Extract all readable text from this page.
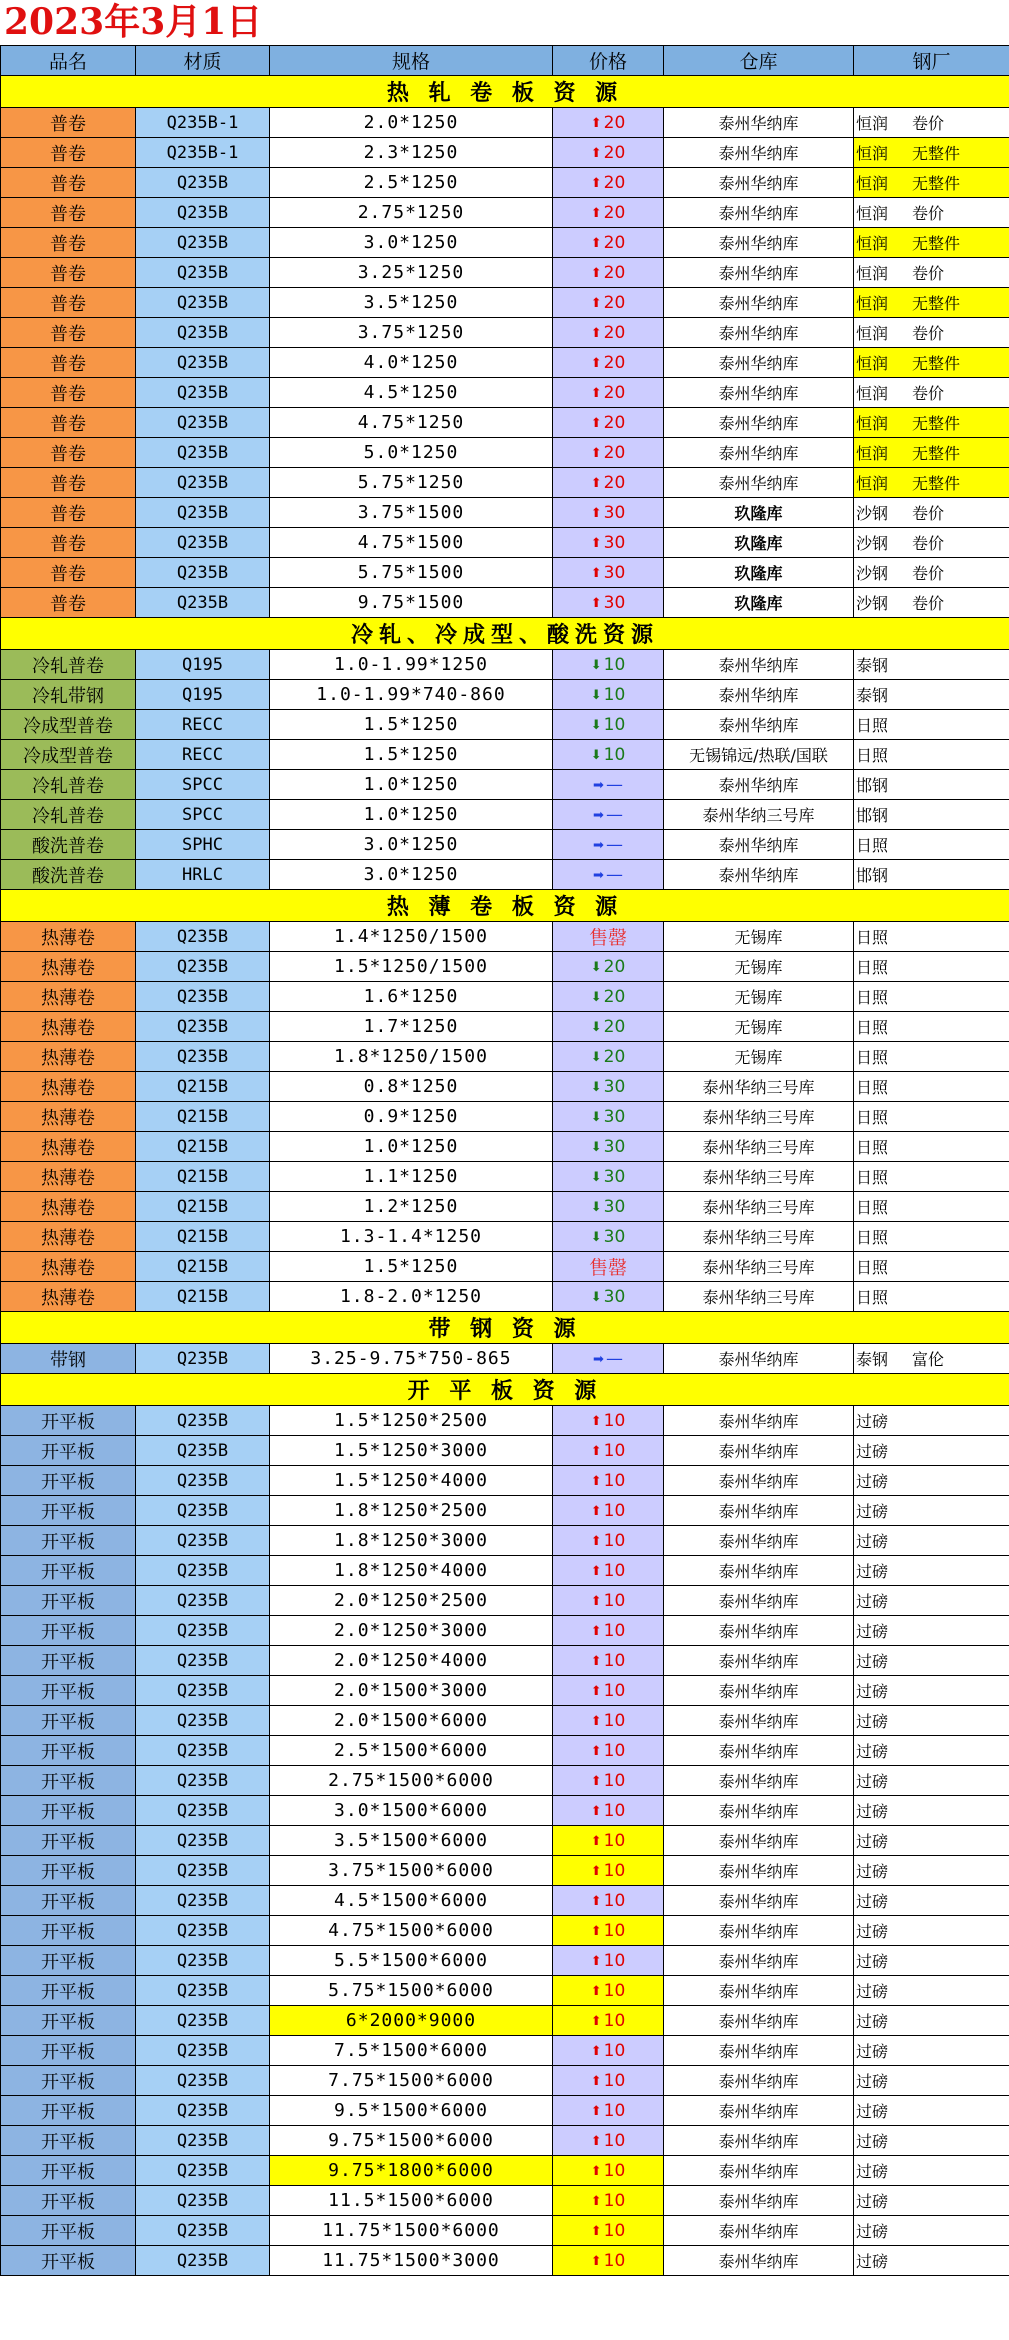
2023年3月1日
品名	材质	规格	价格	仓库	钢厂
热 轧 卷 板 资 源					
普卷	Q235B-1	2.0*1250	⬆ 20	泰州华纳库	恒润 卷价
普卷	Q235B-1	2.3*1250	⬆ 20	泰州华纳库	恒润 无整件
普卷	Q235B	2.5*1250	⬆ 20	泰州华纳库	恒润 无整件
普卷	Q235B	2.75*1250	⬆ 20	泰州华纳库	恒润 卷价
普卷	Q235B	3.0*1250	⬆ 20	泰州华纳库	恒润 无整件
普卷	Q235B	3.25*1250	⬆ 20	泰州华纳库	恒润 卷价
普卷	Q235B	3.5*1250	⬆ 20	泰州华纳库	恒润 无整件
普卷	Q235B	3.75*1250	⬆ 20	泰州华纳库	恒润 卷价
普卷	Q235B	4.0*1250	⬆ 20	泰州华纳库	恒润 无整件
普卷	Q235B	4.5*1250	⬆ 20	泰州华纳库	恒润 卷价
普卷	Q235B	4.75*1250	⬆ 20	泰州华纳库	恒润 无整件
普卷	Q235B	5.0*1250	⬆ 20	泰州华纳库	恒润 无整件
普卷	Q235B	5.75*1250	⬆ 20	泰州华纳库	恒润 无整件
普卷	Q235B	3.75*1500	⬆ 30	玖隆库	沙钢 卷价
普卷	Q235B	4.75*1500	⬆ 30	玖隆库	沙钢 卷价
普卷	Q235B	5.75*1500	⬆ 30	玖隆库	沙钢 卷价
普卷	Q235B	9.75*1500	⬆ 30	玖隆库	沙钢 卷价
冷轧、冷成型、酸洗资源					
冷轧普卷	Q195	1.0-1.99*1250	⬇ 10	泰州华纳库	泰钢
冷轧带钢	Q195	1.0-1.99*740-860	⬇ 10	泰州华纳库	泰钢
冷成型普卷	RECC	1.5*1250	⬇ 10	泰州华纳库	日照
冷成型普卷	RECC	1.5*1250	⬇ 10	无锡锦远/热联/国联	日照
冷轧普卷	SPCC	1.0*1250	➡ —	泰州华纳库	邯钢
冷轧普卷	SPCC	1.0*1250	➡ —	泰州华纳三号库	邯钢
酸洗普卷	SPHC	3.0*1250	➡ —	泰州华纳库	日照
酸洗普卷	HRLC	3.0*1250	➡ —	泰州华纳库	邯钢
热 薄 卷 板 资 源					
热薄卷	Q235B	1.4*1250/1500	售罄	无锡库	日照
热薄卷	Q235B	1.5*1250/1500	⬇ 20	无锡库	日照
热薄卷	Q235B	1.6*1250	⬇ 20	无锡库	日照
热薄卷	Q235B	1.7*1250	⬇ 20	无锡库	日照
热薄卷	Q235B	1.8*1250/1500	⬇ 20	无锡库	日照
热薄卷	Q215B	0.8*1250	⬇ 30	泰州华纳三号库	日照
热薄卷	Q215B	0.9*1250	⬇ 30	泰州华纳三号库	日照
热薄卷	Q215B	1.0*1250	⬇ 30	泰州华纳三号库	日照
热薄卷	Q215B	1.1*1250	⬇ 30	泰州华纳三号库	日照
热薄卷	Q215B	1.2*1250	⬇ 30	泰州华纳三号库	日照
热薄卷	Q215B	1.3-1.4*1250	⬇ 30	泰州华纳三号库	日照
热薄卷	Q215B	1.5*1250	售罄	泰州华纳三号库	日照
热薄卷	Q215B	1.8-2.0*1250	⬇ 30	泰州华纳三号库	日照
带 钢 资 源					
带钢	Q235B	3.25-9.75*750-865	➡ —	泰州华纳库	泰钢 富伦
开 平 板 资 源					
开平板	Q235B	1.5*1250*2500	⬆ 10	泰州华纳库	过磅
开平板	Q235B	1.5*1250*3000	⬆ 10	泰州华纳库	过磅
开平板	Q235B	1.5*1250*4000	⬆ 10	泰州华纳库	过磅
开平板	Q235B	1.8*1250*2500	⬆ 10	泰州华纳库	过磅
开平板	Q235B	1.8*1250*3000	⬆ 10	泰州华纳库	过磅
开平板	Q235B	1.8*1250*4000	⬆ 10	泰州华纳库	过磅
开平板	Q235B	2.0*1250*2500	⬆ 10	泰州华纳库	过磅
开平板	Q235B	2.0*1250*3000	⬆ 10	泰州华纳库	过磅
开平板	Q235B	2.0*1250*4000	⬆ 10	泰州华纳库	过磅
开平板	Q235B	2.0*1500*3000	⬆ 10	泰州华纳库	过磅
开平板	Q235B	2.0*1500*6000	⬆ 10	泰州华纳库	过磅
开平板	Q235B	2.5*1500*6000	⬆ 10	泰州华纳库	过磅
开平板	Q235B	2.75*1500*6000	⬆ 10	泰州华纳库	过磅
开平板	Q235B	3.0*1500*6000	⬆ 10	泰州华纳库	过磅
开平板	Q235B	3.5*1500*6000	⬆ 10	泰州华纳库	过磅
开平板	Q235B	3.75*1500*6000	⬆ 10	泰州华纳库	过磅
开平板	Q235B	4.5*1500*6000	⬆ 10	泰州华纳库	过磅
开平板	Q235B	4.75*1500*6000	⬆ 10	泰州华纳库	过磅
开平板	Q235B	5.5*1500*6000	⬆ 10	泰州华纳库	过磅
开平板	Q235B	5.75*1500*6000	⬆ 10	泰州华纳库	过磅
开平板	Q235B	6*2000*9000	⬆ 10	泰州华纳库	过磅
开平板	Q235B	7.5*1500*6000	⬆ 10	泰州华纳库	过磅
开平板	Q235B	7.75*1500*6000	⬆ 10	泰州华纳库	过磅
开平板	Q235B	9.5*1500*6000	⬆ 10	泰州华纳库	过磅
开平板	Q235B	9.75*1500*6000	⬆ 10	泰州华纳库	过磅
开平板	Q235B	9.75*1800*6000	⬆ 10	泰州华纳库	过磅
开平板	Q235B	11.5*1500*6000	⬆ 10	泰州华纳库	过磅
开平板	Q235B	11.75*1500*6000	⬆ 10	泰州华纳库	过磅
开平板	Q235B	11.75*1500*3000	⬆ 10	泰州华纳库	过磅
